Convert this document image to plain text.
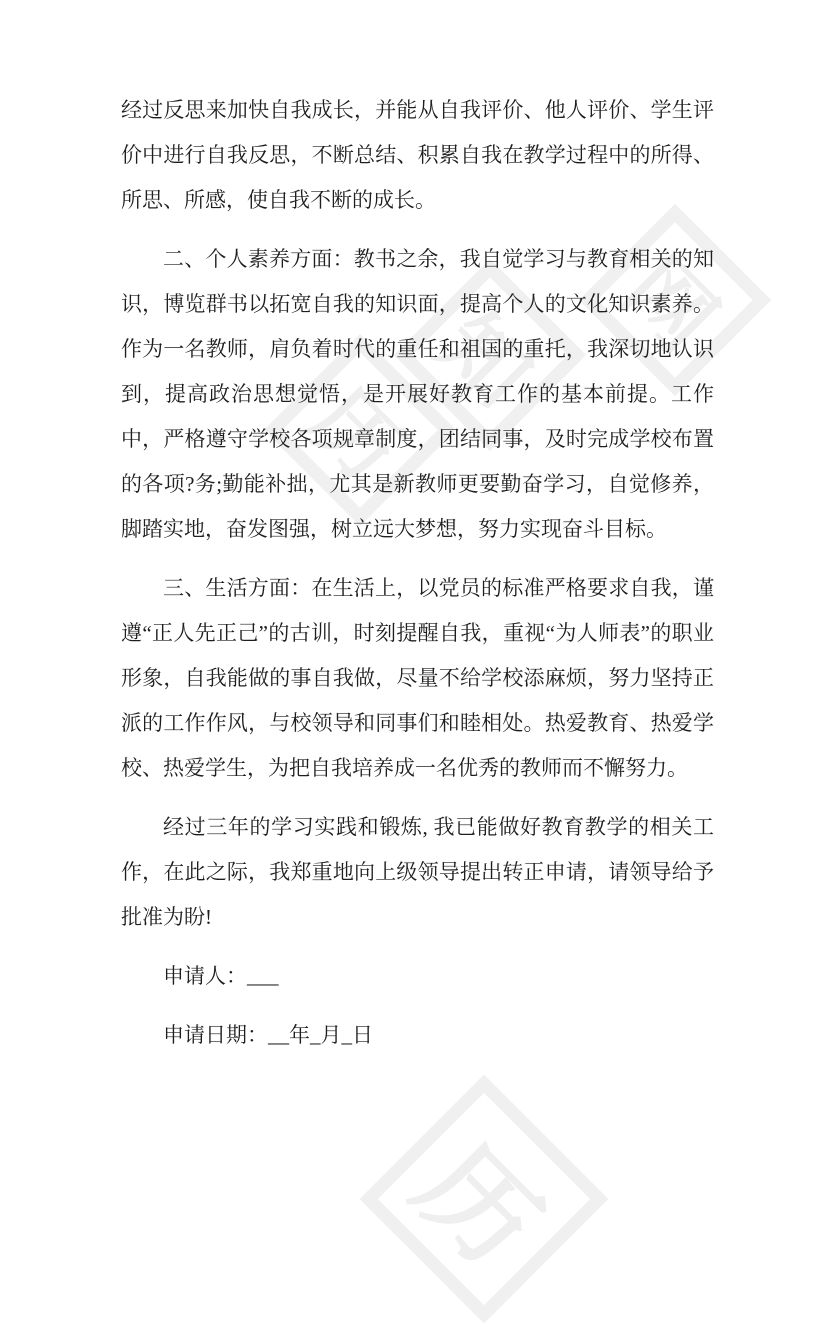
历
知 网
历

经过反思来加快自我成长，并能从自我评价、他人评价、学生评价中进行自我反思，不断总结、积累自我在教学过程中的所得、所思、所感，使自我不断的成长。

二、个人素养方面：教书之余，我自觉学习与教育相关的知识，博览群书以拓宽自我的知识面，提高个人的文化知识素养。作为一名教师，肩负着时代的重任和祖国的重托，我深切地认识到，提高政治思想觉悟，是开展好教育工作的基本前提。工作中，严格遵守学校各项规章制度，团结同事，及时完成学校布置的各项?务;勤能补拙，尤其是新教师更要勤奋学习，自觉修养，脚踏实地，奋发图强，树立远大梦想，努力实现奋斗目标。

三、生活方面：在生活上，以党员的标准严格要求自我，谨遵“正人先正己”的古训，时刻提醒自我，重视“为人师表”的职业形象，自我能做的事自我做，尽量不给学校添麻烦，努力坚持正派的工作作风，与校领导和同事们和睦相处。热爱教育、热爱学校、热爱学生，为把自我培养成一名优秀的教师而不懈努力。

经过三年的学习实践和锻炼, 我已能做好教育教学的相关工作，在此之际，我郑重地向上级领导提出转正申请，请领导给予批准为盼!

申请人：___

申请日期：__年_月_日
